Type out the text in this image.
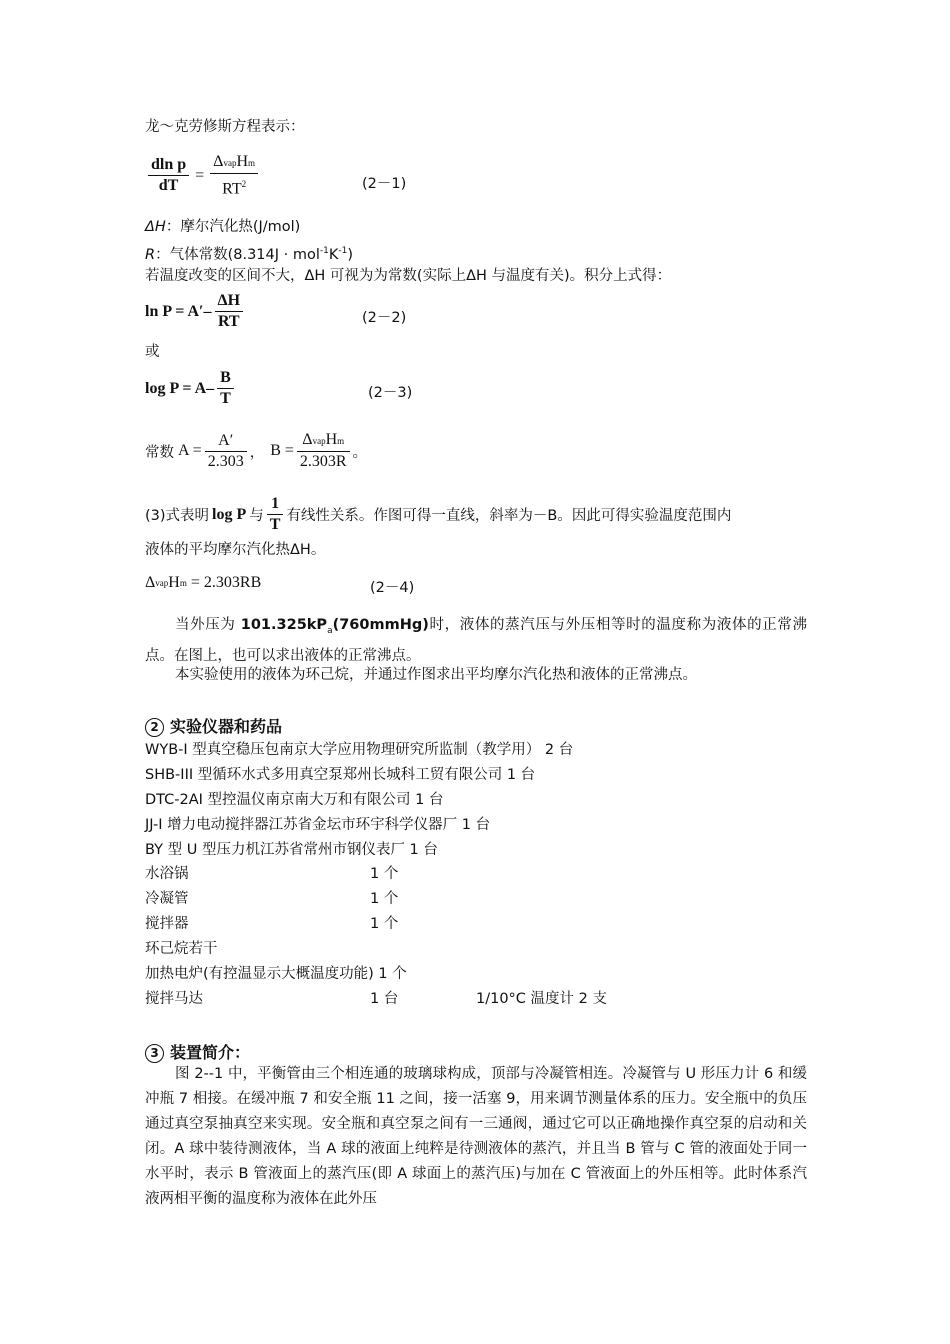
龙～克劳修斯方程表示：
$\frac{\text{dln p}}{dT} = \frac{\text{ΔvapHm}}{RT^2}$	(2－1)
ΔH：摩尔汽化热(J/mol)
R：气体常数$(8.314J \cdot mol^{-1}K^{-1})$
若温度改变的区间不大，ΔH 可视为为常数(实际上ΔH 与温度有关)。积分上式得：
$\ln P = A'- \frac{\Delta H}{RT}$	(2－2)
或
$\log P = A- \frac{B}{T}$	(2－3)
常数 $A = \frac{A'}{2.303}$ ， $B = \frac{\text{ΔvapHm}}{2.303R}$ 。
(3)式表明 log P 与 $\frac{1}{T}$ 有线性关系。作图可得一直线，斜率为－B。因此可得实验温度范围内
液体的平均摩尔汽化热ΔH。
Δ vap H m = 2.303RB	(2－4)
当外压为 $101.325kP_a(760mmHg)$时，液体的蒸汽压与外压相等时的温度称为液体的正常沸点。在图上，也可以求出液体的正常沸点。
本实验使用的液体为环己烷，并通过作图求出平均摩尔汽化热和液体的正常沸点。
2 实验仪器和药品
WYB-I 型真空稳压包南京大学应用物理研究所监制（教学用） 2 台
SHB-III 型循环水式多用真空泵郑州长城科工贸有限公司 1 台
DTC-2AI 型控温仪南京南大万和有限公司 1 台
JJ-I 增力电动搅拌器江苏省金坛市环宇科学仪器厂 1 台
BY 型 U 型压力机江苏省常州市钢仪表厂 1 台
水浴锅	1 个
冷凝管	1 个
搅拌器	1 个
环己烷若干
加热电炉(有控温显示大概温度功能) 1 个
搅拌马达	1 台	1/10°C 温度计 2 支
3 装置简介：
图 2--1 中，平衡管由三个相连通的玻璃球构成，顶部与冷凝管相连。冷凝管与 U 形压力计 6 和缓冲瓶 7 相接。在缓冲瓶 7 和安全瓶 11 之间，接一活塞 9，用来调节测量体系的压力。安全瓶中的负压通过真空泵抽真空来实现。安全瓶和真空泵之间有一三通阀，通过它可以正确地操作真空泵的启动和关闭。A 球中装待测液体，当 A 球的液面上纯粹是待测液体的蒸汽，并且当 B 管与 C 管的液面处于同一水平时，表示 B 管液面上的蒸汽压(即 A 球面上的蒸汽压)与加在 C 管液面上的外压相等。此时体系汽液两相平衡的温度称为液体在此外压
